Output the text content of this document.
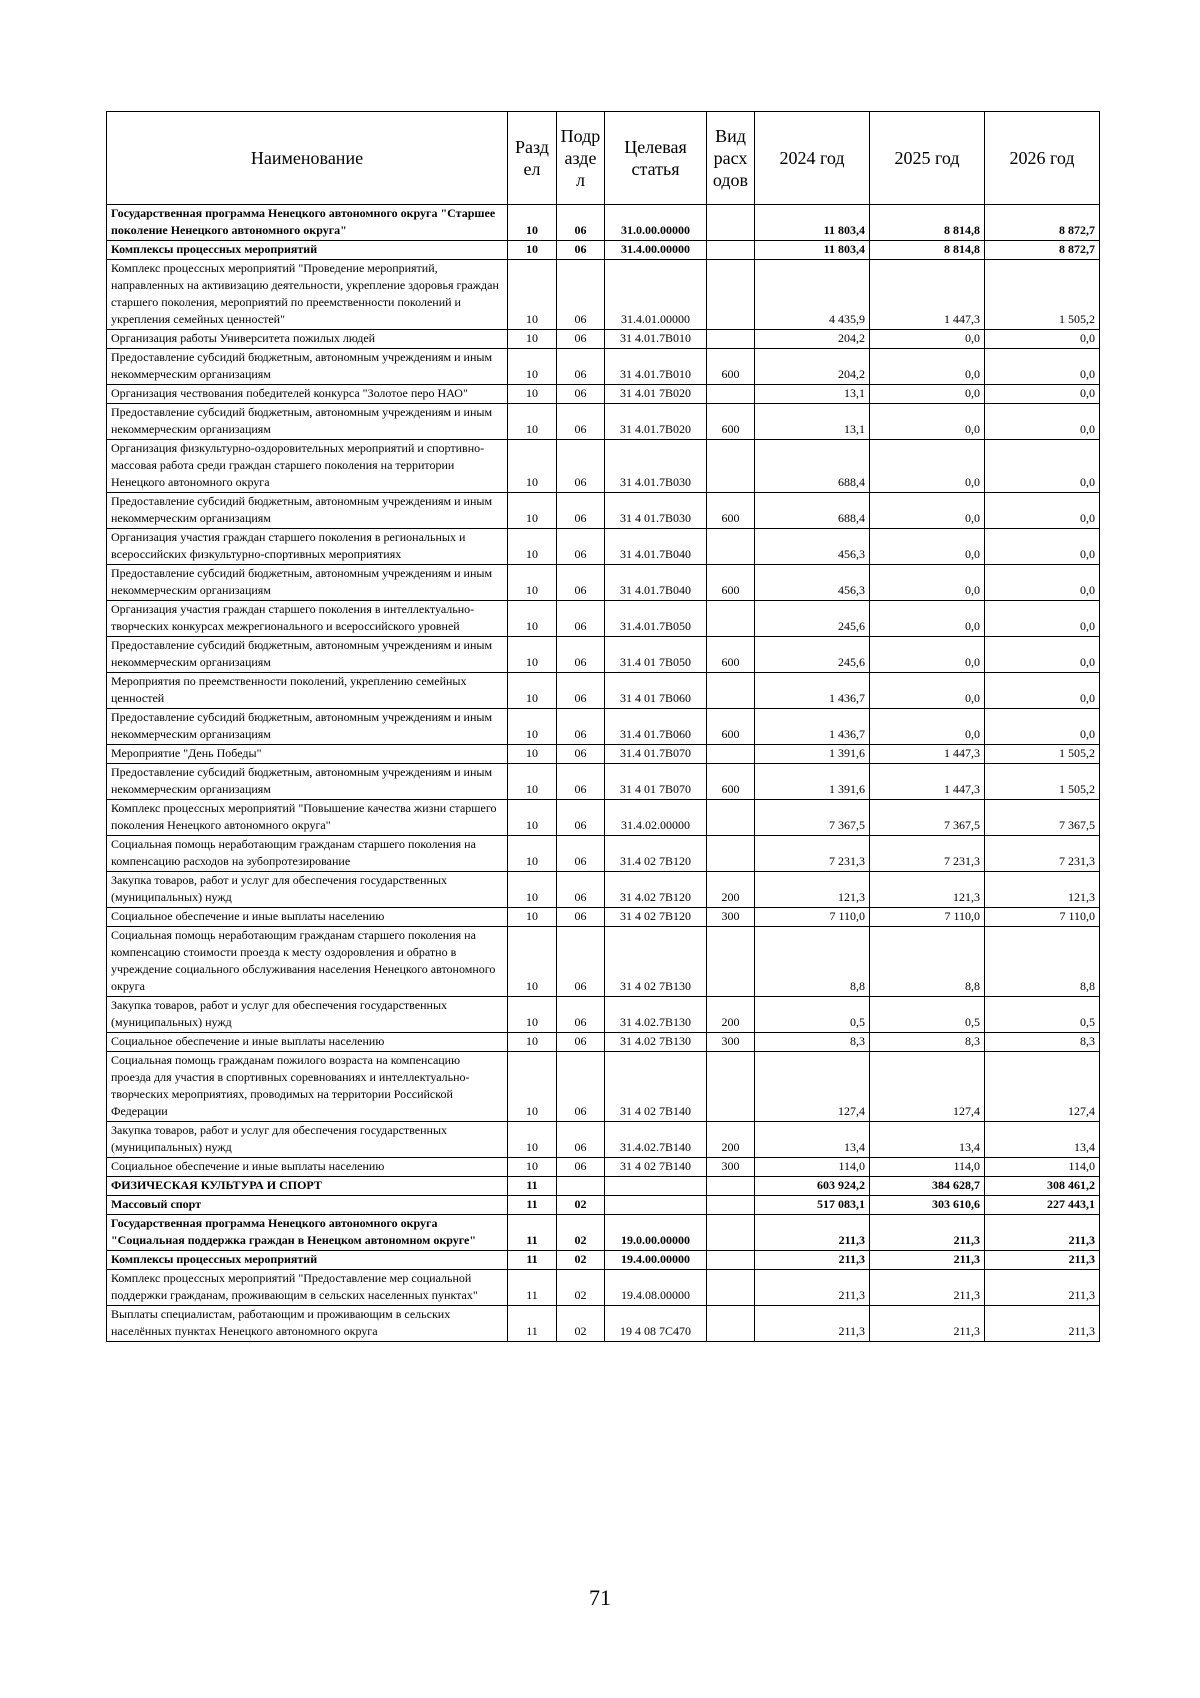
Наименование	Разд ел	Подр азде л	Целевая статья	Вид расх одов	2024 год	2025 год	2026 год
Государственная программа Ненецкого автономного округа "Старшее поколение Ненецкого автономного округа"	10	06	31.0.00.00000		11 803,4	8 814,8	8 872,7
Комплексы процессных мероприятий	10	06	31.4.00.00000		11 803,4	8 814,8	8 872,7
Комплекс процессных мероприятий "Проведение мероприятий, направленных на активизацию деятельности, укрепление здоровья граждан старшего поколения, мероприятий по преемственности поколений и укрепления семейных ценностей"	10	06	31.4.01.00000		4 435,9	1 447,3	1 505,2
Организация работы Университета пожилых людей	10	06	31 4.01.7В010		204,2	0,0	0,0
Предоставление субсидий бюджетным, автономным учреждениям и иным некоммерческим организациям	10	06	31 4.01.7В010	600	204,2	0,0	0,0
Организация чествования победителей конкурса "Золотое перо НАО"	10	06	31 4.01 7В020		13,1	0,0	0,0
Предоставление субсидий бюджетным, автономным учреждениям и иным некоммерческим организациям	10	06	31 4.01.7В020	600	13,1	0,0	0,0
Организация физкультурно-оздоровительных мероприятий и спортивно-массовая работа среди граждан старшего поколения на территории Ненецкого автономного округа	10	06	31 4.01.7В030		688,4	0,0	0,0
Предоставление субсидий бюджетным, автономным учреждениям и иным некоммерческим организациям	10	06	31 4 01.7В030	600	688,4	0,0	0,0
Организация участия граждан старшего поколения в региональных и всероссийских физкультурно-спортивных мероприятиях	10	06	31 4.01.7В040		456,3	0,0	0,0
Предоставление субсидий бюджетным, автономным учреждениям и иным некоммерческим организациям	10	06	31 4.01.7В040	600	456,3	0,0	0,0
Организация участия граждан старшего поколения в интеллектуально-творческих конкурсах межрегионального и всероссийского уровней	10	06	31.4.01.7В050		245,6	0,0	0,0
Предоставление субсидий бюджетным, автономным учреждениям и иным некоммерческим организациям	10	06	31.4 01 7В050	600	245,6	0,0	0,0
Мероприятия по преемственности поколений, укреплению семейных ценностей	10	06	31 4 01 7В060		1 436,7	0,0	0,0
Предоставление субсидий бюджетным, автономным учреждениям и иным некоммерческим организациям	10	06	31.4 01.7В060	600	1 436,7	0,0	0,0
Мероприятие "День Победы"	10	06	31.4 01.7В070		1 391,6	1 447,3	1 505,2
Предоставление субсидий бюджетным, автономным учреждениям и иным некоммерческим организациям	10	06	31 4 01 7В070	600	1 391,6	1 447,3	1 505,2
Комплекс процессных мероприятий "Повышение качества жизни старшего поколения Ненецкого автономного округа"	10	06	31.4.02.00000		7 367,5	7 367,5	7 367,5
Социальная помощь неработающим гражданам старшего поколения на компенсацию расходов на зубопротезирование	10	06	31.4 02 7В120		7 231,3	7 231,3	7 231,3
Закупка товаров, работ и услуг для обеспечения государственных (муниципальных) нужд	10	06	31 4.02 7В120	200	121,3	121,3	121,3
Социальное обеспечение и иные выплаты населению	10	06	31 4 02 7В120	300	7 110,0	7 110,0	7 110,0
Социальная помощь неработающим гражданам старшего поколения на компенсацию стоимости проезда к месту оздоровления и обратно в учреждение социального обслуживания населения Ненецкого автономного округа	10	06	31 4 02 7В130		8,8	8,8	8,8
Закупка товаров, работ и услуг для обеспечения государственных (муниципальных) нужд	10	06	31 4.02.7В130	200	0,5	0,5	0,5
Социальное обеспечение и иные выплаты населению	10	06	31 4.02 7В130	300	8,3	8,3	8,3
Социальная помощь гражданам пожилого возраста на компенсацию проезда для участия в спортивных соревнованиях и интеллектуально-творческих мероприятиях, проводимых на территории Российской Федерации	10	06	31 4 02 7В140		127,4	127,4	127,4
Закупка товаров, работ и услуг для обеспечения государственных (муниципальных) нужд	10	06	31.4.02.7В140	200	13,4	13,4	13,4
Социальное обеспечение и иные выплаты населению	10	06	31 4 02 7В140	300	114,0	114,0	114,0
ФИЗИЧЕСКАЯ КУЛЬТУРА И СПОРТ	11				603 924,2	384 628,7	308 461,2
Массовый спорт	11	02			517 083,1	303 610,6	227 443,1
Государственная программа Ненецкого автономного округа "Социальная поддержка граждан в Ненецком автономном округе"	11	02	19.0.00.00000		211,3	211,3	211,3
Комплексы процессных мероприятий	11	02	19.4.00.00000		211,3	211,3	211,3
Комплекс процессных мероприятий "Предоставление мер социальной поддержки гражданам, проживающим в сельских населенных пунктах"	11	02	19.4.08.00000		211,3	211,3	211,3
Выплаты специалистам, работающим и проживающим в сельских населённых пунктах Ненецкого автономного округа	11	02	19 4 08 7С470		211,3	211,3	211,3
71
